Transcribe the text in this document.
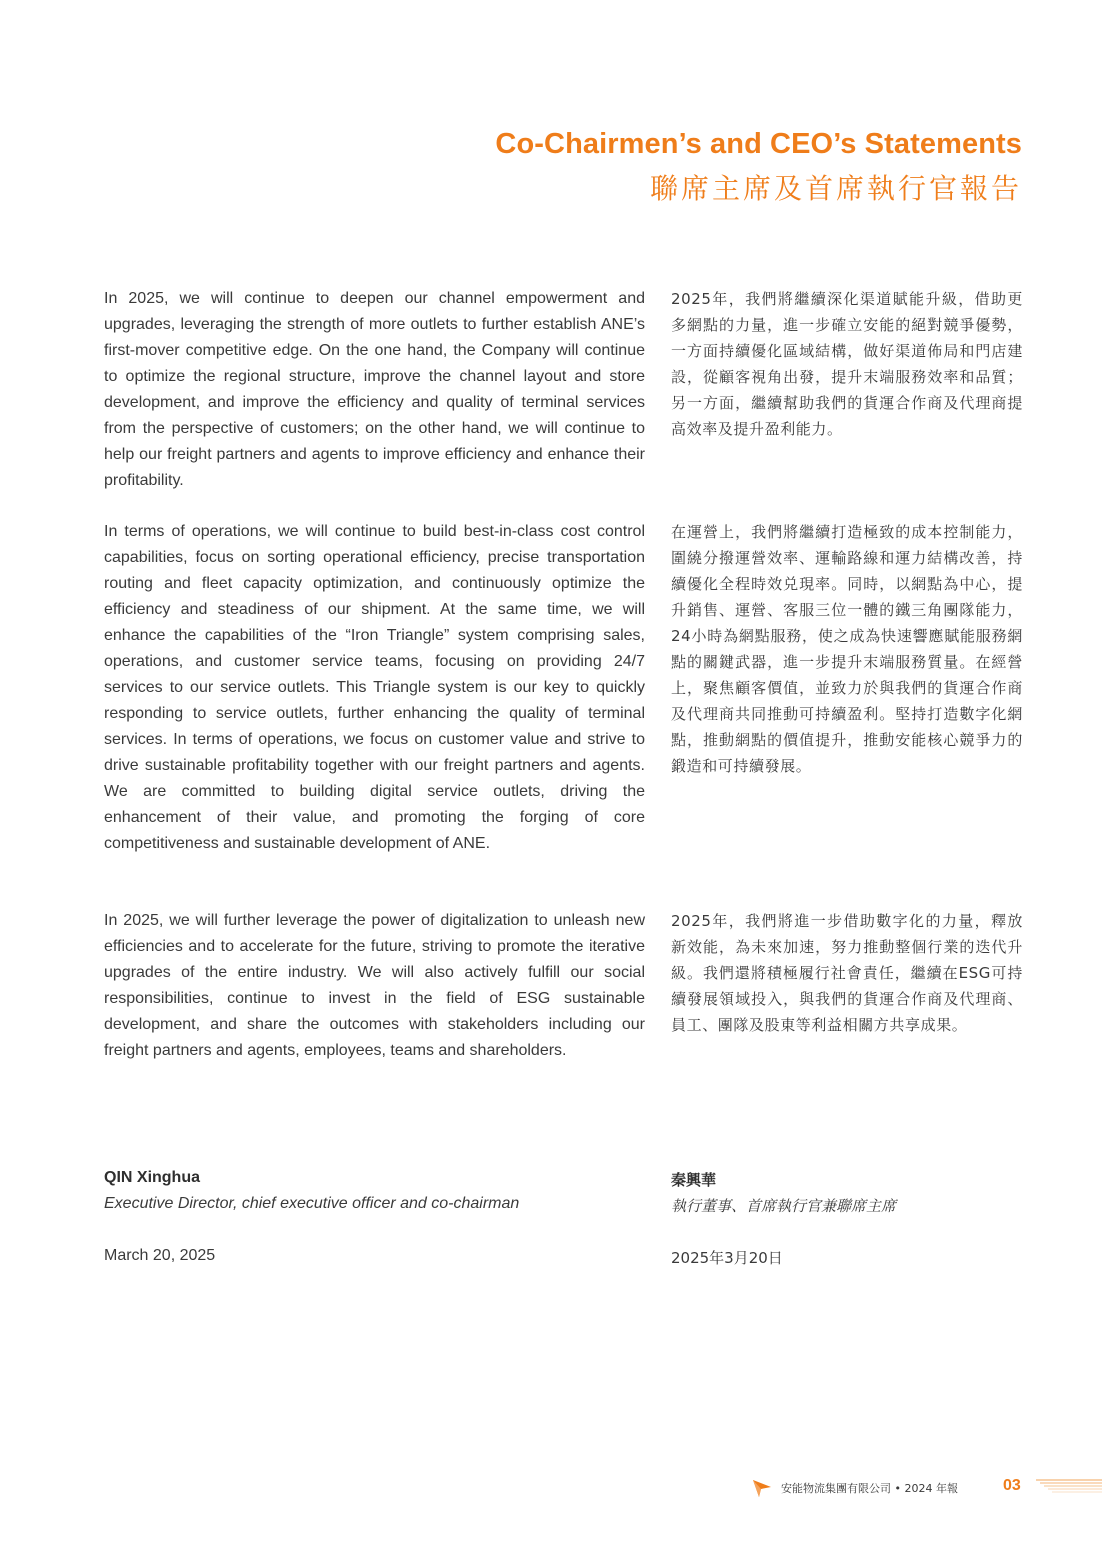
Co-Chairmen’s and CEO’s Statements
聯席主席及首席執行官報告

In 2025, we will continue to deepen our channel empowerment and upgrades, leveraging the strength of more outlets to further establish ANE’s first-mover competitive edge. On the one hand, the Company will continue to optimize the regional structure, improve the channel layout and store development, and improve the efficiency and quality of terminal services from the perspective of customers; on the other hand, we will continue to help our freight partners and agents to improve efficiency and enhance their profitability.

In terms of operations, we will continue to build best-in-class cost control capabilities, focus on sorting operational efficiency, precise transportation routing and fleet capacity optimization, and continuously optimize the efficiency and steadiness of our shipment. At the same time, we will enhance the capabilities of the “Iron Triangle” system comprising sales, operations, and customer service teams, focusing on providing 24/7 services to our service outlets. This Triangle system is our key to quickly responding to service outlets, further enhancing the quality of terminal services. In terms of operations, we focus on customer value and strive to drive sustainable profitability together with our freight partners and agents. We are committed to building digital service outlets, driving the enhancement of their value, and promoting the forging of core competitiveness and sustainable development of ANE.

In 2025, we will further leverage the power of digitalization to unleash new efficiencies and to accelerate for the future, striving to promote the iterative upgrades of the entire industry. We will also actively fulfill our social responsibilities, continue to invest in the field of ESG sustainable development, and share the outcomes with stakeholders including our freight partners and agents, employees, teams and shareholders.

2025年，我們將繼續深化渠道賦能升級，借助更多網點的力量，進一步確立安能的絕對競爭優勢，一方面持續優化區域結構，做好渠道佈局和門店建設，從顧客視角出發，提升末端服務效率和品質；另一方面，繼續幫助我們的貨運合作商及代理商提高效率及提升盈利能力。

在運營上，我們將繼續打造極致的成本控制能力，圍繞分撥運營效率、運輸路線和運力結構改善，持續優化全程時效兑現率。同時，以網點為中心，提升銷售、運營、客服三位一體的鐵三角團隊能力，24小時為網點服務，使之成為快速響應賦能服務網點的關鍵武器，進一步提升末端服務質量。在經營上，聚焦顧客價值，並致力於與我們的貨運合作商及代理商共同推動可持續盈利。堅持打造數字化網點，推動網點的價值提升，推動安能核心競爭力的鍛造和可持續發展。

2025年，我們將進一步借助數字化的力量，釋放新效能，為未來加速，努力推動整個行業的迭代升級。我們還將積極履行社會責任，繼續在ESG可持續發展領域投入，與我們的貨運合作商及代理商、員工、團隊及股東等利益相關方共享成果。

QIN Xinghua
Executive Director, chief executive officer and co-chairman
March 20, 2025
秦興華
執行董事、首席執行官兼聯席主席
2025年3月20日
安能物流集團有限公司 • 2024 年報	03
